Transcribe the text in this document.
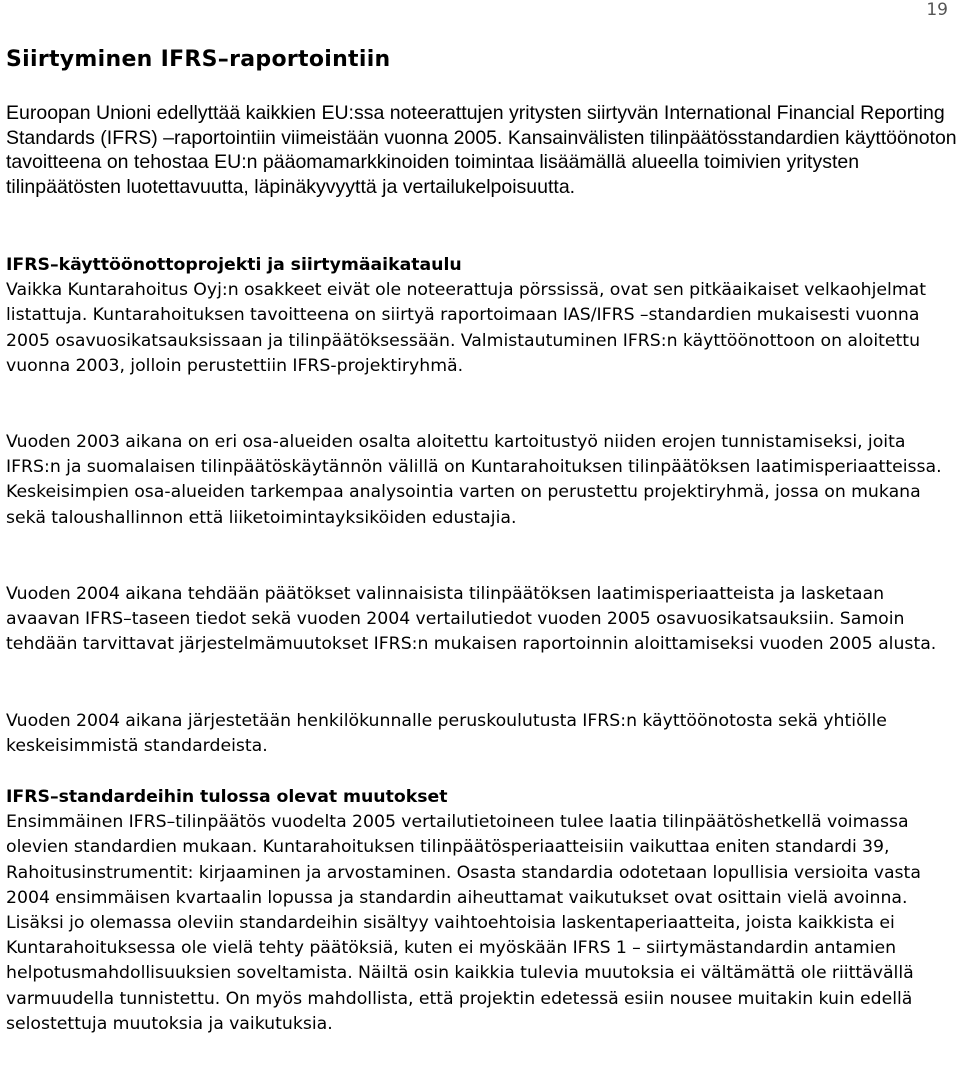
19
Siirtyminen IFRS–raportointiin

Euroopan Unioni edellyttää kaikkien EU:ssa noteerattujen yritysten siirtyvän International Financial Reporting Standards (IFRS) –raportointiin viimeistään vuonna 2005. Kansainvälisten tilinpäätösstandardien käyttöönoton tavoitteena on tehostaa EU:n pääomamarkkinoiden toimintaa lisäämällä alueella toimivien yritysten tilinpäätösten luotettavuutta, läpinäkyvyyttä ja vertailukelpoisuutta.

IFRS–käyttöönottoprojekti ja siirtymäaikataulu
Vaikka Kuntarahoitus Oyj:n osakkeet eivät ole noteerattuja pörssissä, ovat sen pitkäaikaiset velkaohjelmat listattuja. Kuntarahoituksen tavoitteena on siirtyä raportoimaan IAS/IFRS –standardien mukaisesti vuonna 2005 osavuosikatsauksissaan ja tilinpäätöksessään. Valmistautuminen IFRS:n käyttöönottoon on aloitettu vuonna 2003, jolloin perustettiin IFRS-projektiryhmä.

Vuoden 2003 aikana on eri osa-alueiden osalta aloitettu kartoitustyö niiden erojen tunnistamiseksi, joita IFRS:n ja suomalaisen tilinpäätöskäytännön välillä on Kuntarahoituksen tilinpäätöksen laatimisperiaatteissa. Keskeisimpien osa-alueiden tarkempaa analysointia varten on perustettu projektiryhmä, jossa on mukana sekä taloushallinnon että liiketoimintayksiköiden edustajia.

Vuoden 2004 aikana tehdään päätökset valinnaisista tilinpäätöksen laatimisperiaatteista ja lasketaan avaavan IFRS–taseen tiedot sekä vuoden 2004 vertailutiedot vuoden 2005 osavuosikatsauksiin. Samoin tehdään tarvittavat järjestelmämuutokset IFRS:n mukaisen raportoinnin aloittamiseksi vuoden 2005 alusta.

Vuoden 2004 aikana järjestetään henkilökunnalle peruskoulutusta IFRS:n käyttöönotosta sekä yhtiölle keskeisimmistä standardeista.

IFRS–standardeihin tulossa olevat muutokset
Ensimmäinen IFRS–tilinpäätös vuodelta 2005 vertailutietoineen tulee laatia tilinpäätöshetkellä voimassa olevien standardien mukaan. Kuntarahoituksen tilinpäätösperiaatteisiin vaikuttaa eniten standardi 39, Rahoitusinstrumentit: kirjaaminen ja arvostaminen. Osasta standardia odotetaan lopullisia versioita vasta 2004 ensimmäisen kvartaalin lopussa ja standardin aiheuttamat vaikutukset ovat osittain vielä avoinna. Lisäksi jo olemassa oleviin standardeihin sisältyy vaihtoehtoisia laskentaperiaatteita, joista kaikkista ei Kuntarahoituksessa ole vielä tehty päätöksiä, kuten ei myöskään IFRS 1 – siirtymästandardin antamien helpotusmahdollisuuksien soveltamista. Näiltä osin kaikkia tulevia muutoksia ei vältämättä ole riittävällä varmuudella tunnistettu. On myös mahdollista, että projektin edetessä esiin nousee muitakin kuin edellä selostettuja muutoksia ja vaikutuksia.
